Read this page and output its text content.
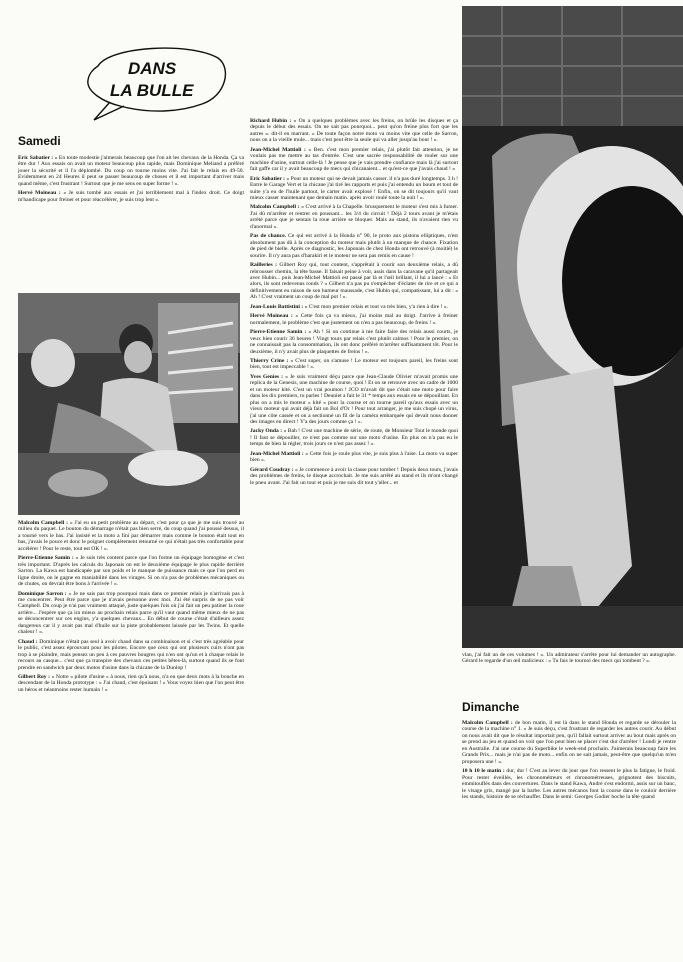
DANS
LA BULLE
Samedi

Eric Sabatier : « En toute modestie j'aimerais beaucoup que l'on ait les chevaux de la Honda. Ça va être dur ! Aux essais on avait un moteur beaucoup plus rapide, mais Dominique Meliand a préféré jouer la sécurité et il l'a déplombé. Du coup on tourne moins vite. J'ai fait le relais en 49-50. Evidemment en 24 Heures il peut se passer beaucoup de choses et il est important d'arriver mais quand même, c'est frustrant ! Surtout que je me sens en super forme ! ».

Hervé Moineau : « Je suis tombé aux essais et j'ai terriblement mal à l'index droit. Ce doigt m'handicape pour freiner et pour réaccélérer, je suis trop lent ».

Malcolm Campbell : « J'ai eu un petit problème au départ, c'est pour ça que je me suis trouvé au milieu du paquet. Le bouton du démarrage n'était pas bien serré, du coup quand j'ai poussé dessus, il a tourné vers le bas. J'ai insisté et la moto a fini par démarrer mais comme le bouton était tout en bas, j'avais le pouce et donc le poignet complètement retourné ce qui n'était pas très confortable pour accélérer ! Pour le reste, tout est OK ! ».

Pierre-Etienne Samin : « Je suis très content parce que l'on forme un équipage homogène et c'est très important. D'après les calculs du Japonais on est le deuxième équipage le plus rapide derrière Sarron. La Kawa est handicapée par son poids et le manque de puissance mais ce que l'on perd en ligne droite, on le gagne en maniabilité dans les virages. Si on n'a pas de problèmes mécaniques ou de chutes, on devrait être bons à l'arrivée ! ».

Dominique Sarron : « Je ne sais pas trop pourquoi mais dans ce premier relais je n'arrivais pas à me concentrer. Peut être parce que je n'avais personne avec moi. J'ai été surpris de ne pas voir Campbell. Du coup je n'ai pas vraiment attaqué, juste quelques fois où j'ai fait un peu patiner la roue arrière... J'espère que ça ira mieux au prochain relais parce qu'il vaut quand même mieux de ne pas se déconcentrer sur ces engins, y'a quelques chevaux... En début de course c'était d'ailleurs assez dangereux car il y avait pas mal d'huile sur la piste probablement laissée par les Twins. Et quelle chaleur ! ».

Chaud : Dominique n'était pas seul à avoir chaud dans sa combinaison et si c'est très agréable pour le public, c'est assez éprouvant pour les pilotes. Encore que ceux qui ont plusieurs cuirs n'ont pas trop à se plaindre, mais pensez un peu à ces pauvres bougres qui n'en ont qu'un et à chaque relais le recours au casque... c'est que ça transpire des chevaux ces petites bêtes-là, surtout quand ils se font prendre en sandwich par deux motos d'usine dans la chicane de la Dunlop !

Gilbert Roy : « Notre « pilote d'usine » à nous, rien qu'à nous, n'a eu que deux mots à la bouche en descendant de la Honda prototype : « J'ai chaud, c'est épuisant ! » Vous voyez bien que l'on peut être un héros et néanmoins rester humain ! »

Richard Hubin : « On a quelques problèmes avec les freins, on brûle les disques et ça depuis le début des essais. On ne sait pas pourquoi... peut qu'on freine plus fort que les autres ». dit-il en marrant. « De toute façon notre moto va moins vite que celle de Sarron, nous on a la vieille mule... mais c'est peut être la seule qui va aller jusqu'au bout ! ».

Jean-Michel Mattioli : « Ben. c'est mon premier relais, j'ai plutôt fait attention, je ne voulais pas me mettre au tas d'entrée. C'est une sacrée responsabilité de rouler sur une machine d'usine, surtout celle-là ! Je pense que je vais prendre confiance mais là j'ai surtout fait gaffe car il y avait beaucoup de mecs qui chicanaient... et qu'est-ce que j'avais chaud ! »

Eric Sabatier : « Pour un moteur qui ne devait jamais casser. il n'a pas duré longtemps. 3 h ! Entre le Garage Vert et la chicane j'ai tiré les rapports et puis j'ai entendu un boum et tout de suite y'a eu de l'huile partout, le carter avait explosé ! Enfin, on se dit toujours qu'il vaut mieux casser maintenant que demain matin. après avoir roulé toute la nuit ! ».

Malcolm Campbell : « C'est arrivé à la Chapelle. brusquement le moteur s'est mis à fumer. J'ai dû m'arrêter et rentrer en poussant... les 3/4 du circuit ! Déjà 2 tours avant je m'étais arrêté parce que je sentais la roue arrière se bloquer. Mais au stand, ils n'avaient rien vu d'anormal ».

Pas de chance. Ce qui est arrivé à la Honda n° 90, le proto aux pistons elliptiques, n'est absolument pas dû à la conception du moteur mais plutôt à un manque de chance. Fixation de pied de bielle. Après ce diagnostic, les Japonais de chez Honda ont retrouvé (à moitié) le sourire. Il n'y aura pas d'harakiri et le moteur ne sera pas remis en cause !

Railleries : Gilbert Roy qui, tout content, s'apprêtait à courir son deuxième relais, a dû rebrousser chemin, la tête basse. Il faisait peine à voir, assis dans la caravane qu'il partageait avec Hubin... puis Jean-Michel Mattioli est passé par là et l'œil brillant, il lui a lancé : « Et alors, ils sont redevenus ronds ? » Gilbert n'a pas pu s'empêcher d'éclater de rire et ce qui a définitivement eu raison de son humeur maussade, c'est Hubin qui, compatissant, lui a dit : « Ah ! C'est vraiment un coup de mal pot ! ».

Jean-Louis Battistini : « C'est mon premier relais et tout va très bien, y'a rien à dire ! ».

Hervé Moineau : « Cette fois ça va mieux, j'ai moins mal au doigt. J'arrive à freiner normalement, le problème c'est que justement on n'en a pas beaucoup, de freins ! ».

Pierre-Etienne Samin : « Ah ! Si on continue à me faire faire des relais aussi courts, je veux bien courir 36 heures ! Vingt tours par relais c'est plutôt calmos ! Pour le premier, on ne connaissait pas la consommation, ils ont donc préféré m'arrêter suffisamment tôt. Pour le deuxième, il n'y avait plus de plaquettes de freins ! ».

Thierry Crine : « C'est super, on s'amuse ! Le moteur est toujours pareil, les freins sont bien, tout est impeccable ! ».

Yves Genies : « Je suis vraiment déçu parce que Jean-Claude Olivier m'avait promis une replica de la Genesis, une machine de course, quoi ! Et on se retrouve avec un cadre de 1000 et un moteur kité. C'est un vrai poumon ! JCO m'avait dit que c'était une moto pour faire dans les dix premiers, tu parles ! Deuniet a fait le 31 * temps aux essais en se dépouillant. En plus on a mis le moteur « kité » pour la course et on tourne pareil qu'aux essais avec un vieux moteur qui avait déjà fait un Bol d'Or ! Pour tout arranger, je me suis chopé un virus, j'ai une côte cassée et on a sectionné un fil de la caméra embarquée qui devait nous donner des images en direct ! Y'a des jours comme ça ! ».

Jacky Onda : « Bah ! C'est une machine de série, de route, de Monsieur Tout le monde quoi ! Il faut se dépouiller, ce n'est pas comme sur une moto d'usine. En plus on n'a pas eu le temps de bien la régler, trois jours ce n'est pas assez ! ».

Jean-Michel Mattioli : « Cette fois je roule plus vite, je suis plus à l'aise. La moto va super bien ».

Gérard Coudray : « Je commence à avoir la classe pour tomber ! Depuis deux tours, j'avais des problèmes de freins, le disque accrochait. Je me suis arrêté au stand et ils m'ont changé le pneu avant. J'ai fait un tour et puis je me suis dit tout y'aller... et

vlan, j'ai fait un de ces volumes ! ». Un admirateur s'arrête pour lui demander un autographe. Gérard le regarde d'un œil malicieux : « Tu fais le tournoi des mecs qui tombent ? ».

Dimanche

Malcolm Campbell : de bon matin, il est là dans le stand Honda et regarde se dérouler la course de la machine n° 1. « Je suis déçu, c'est frustrant de regarder les autres courir. Au début on nous avait dit que le résultat importait peu, qu'il fallait surtout arriver au bout mais après on se prend au jeu et quand on voit que l'on peut bien se placer c'est dur d'arrêter ! Lundi je rentre en Australie. J'ai une course du Superbike le week-end prochain. J'aimerais beaucoup faire les Grands Prix... mais je n'ai pas de moto... enfin on ne sait jamais, peut-être que quelqu'un m'en proposera une ! ».

10 h 10 le matin : dur, dur ! C'est au lever du jour que l'on ressent le plus la fatigue, le froid. Pour rester éveillés, les chronométreurs et chronométreuses, grignotent des biscuits, emmitouflés dans des couvertures. Dans le stand Kawa, André s'est endormi, assis sur un banc, le visage gris, mangé par la barbe. Les autres mécanos font la course dans le couloir derrière les stands, histoire de se réchauffer. Dans le semi: Georges Godier hoche la tête quand
